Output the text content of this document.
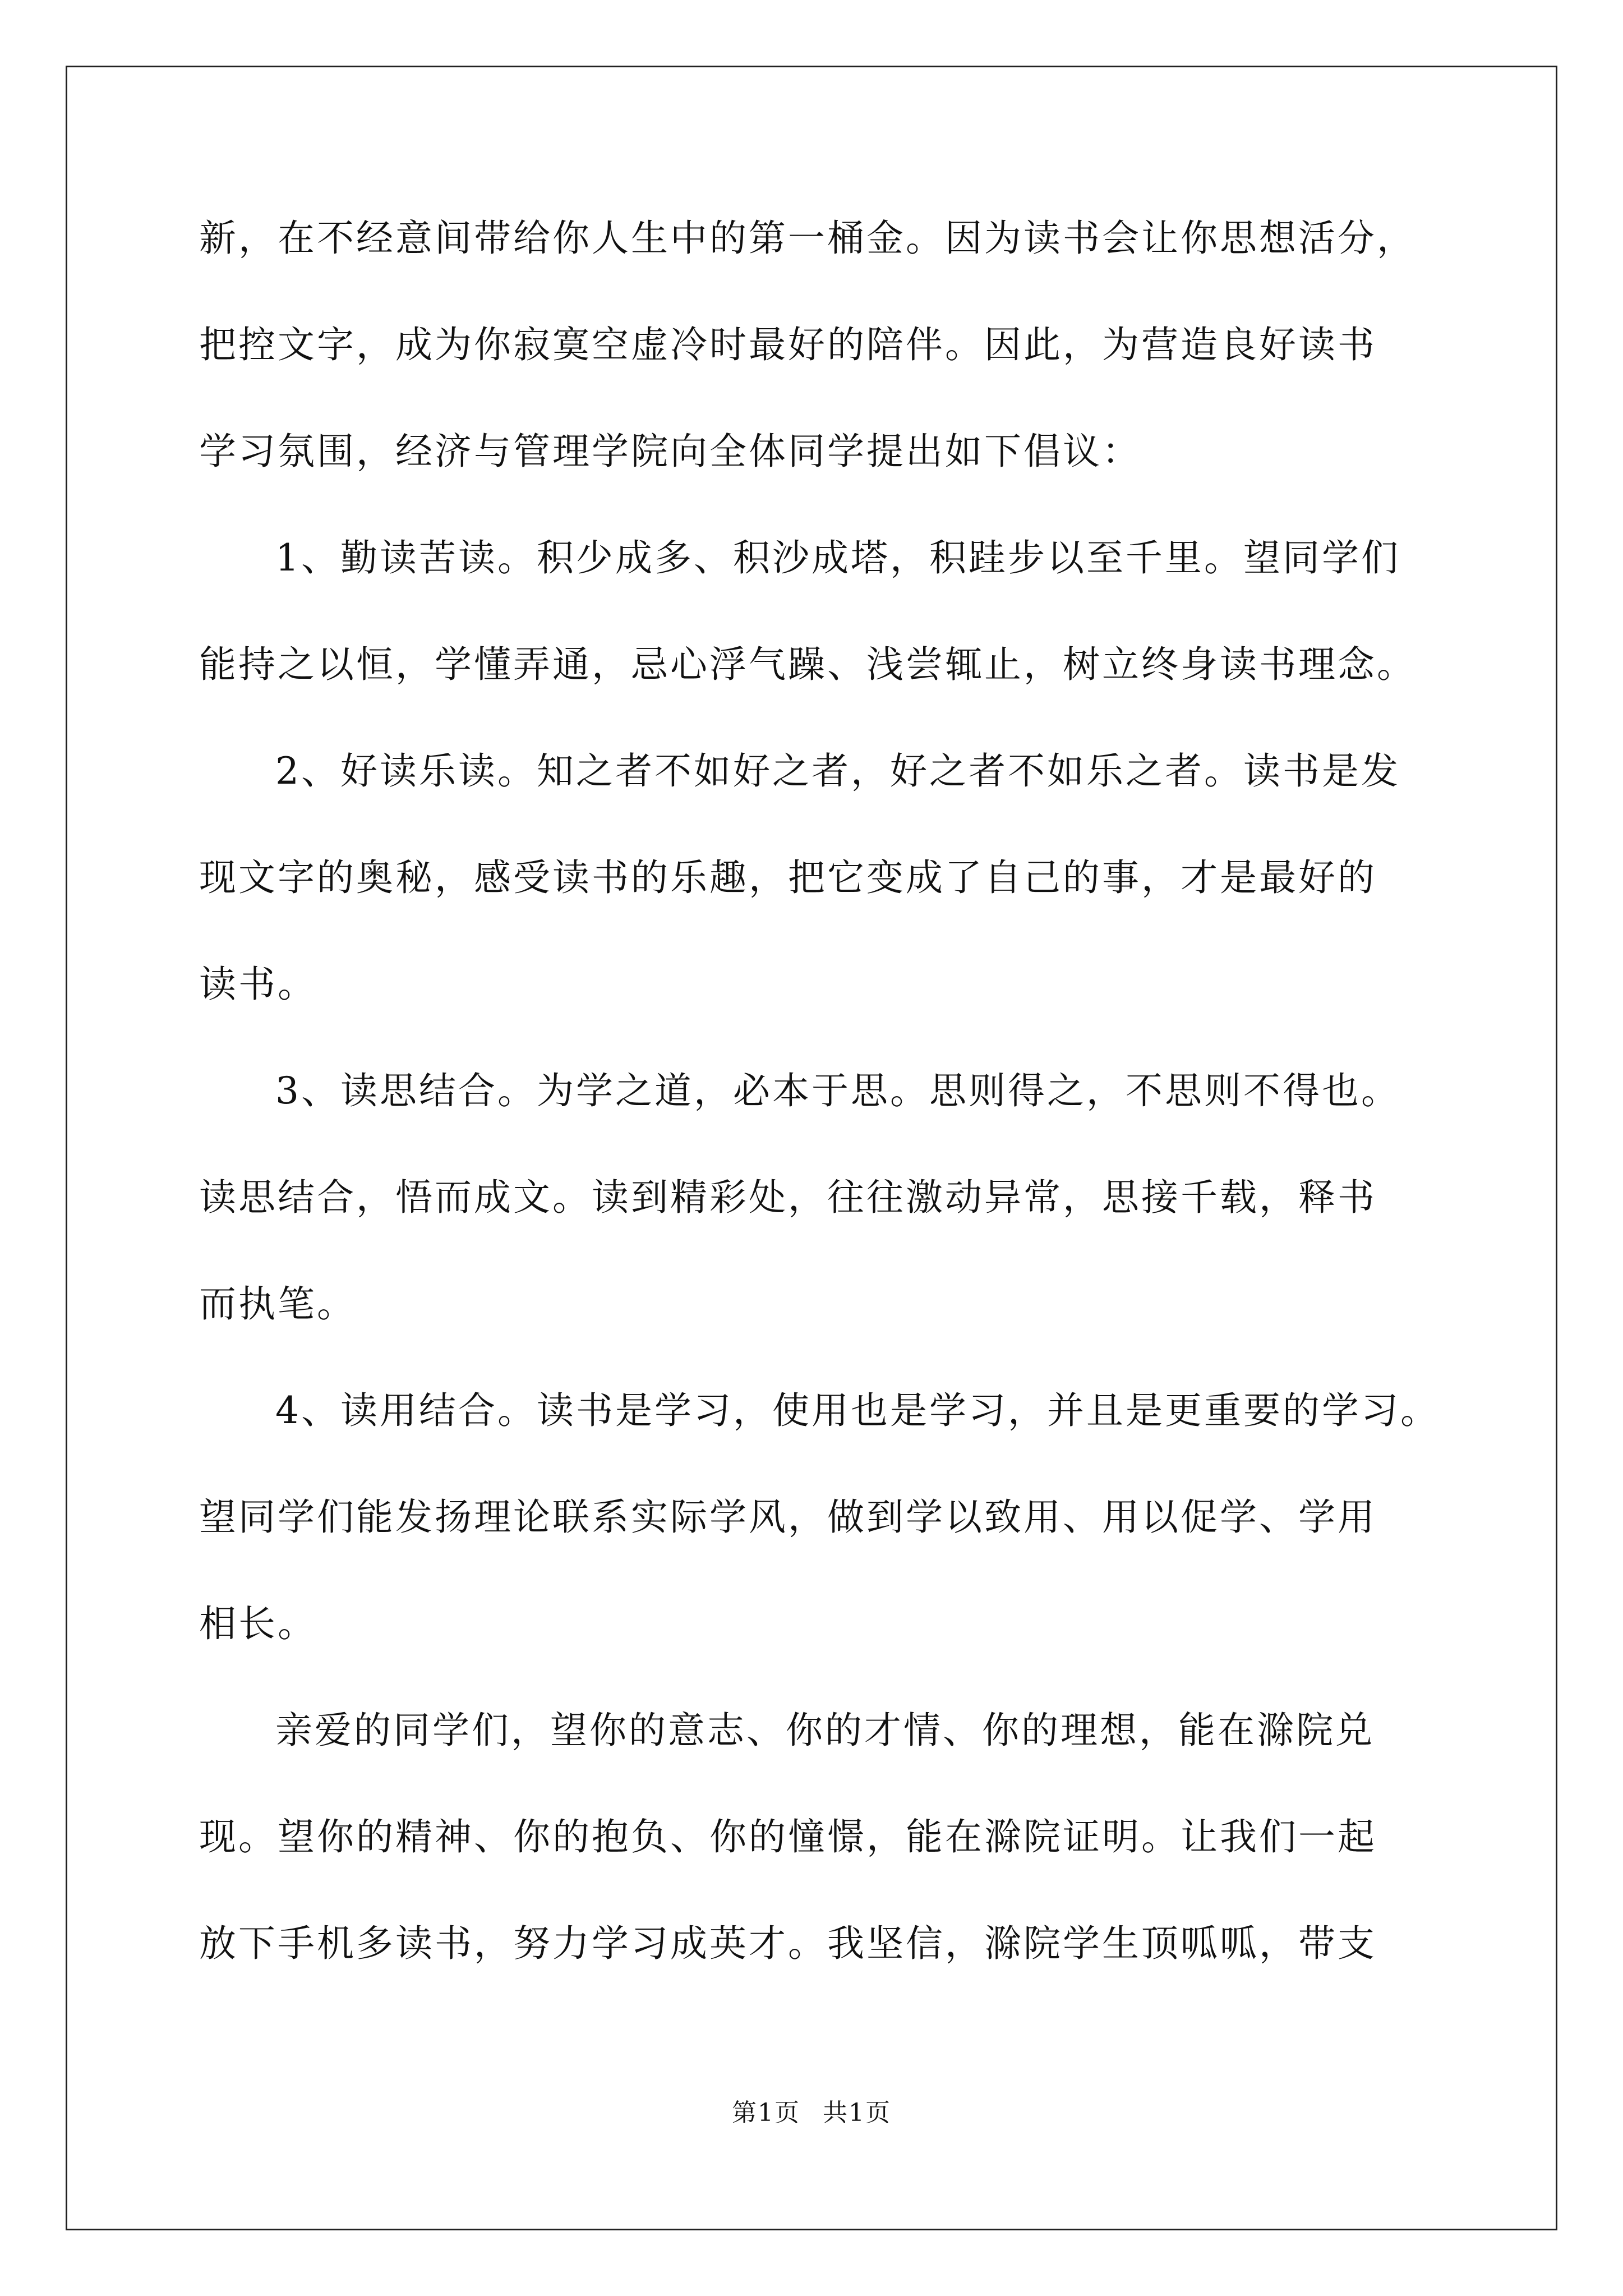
新，在不经意间带给你人生中的第一桶金。因为读书会让你思想活分，
把控文字，成为你寂寞空虚冷时最好的陪伴。因此，为营造良好读书
学习氛围，经济与管理学院向全体同学提出如下倡议：

1、勤读苦读。积少成多、积沙成塔，积跬步以至千里。望同学们
能持之以恒，学懂弄通，忌心浮气躁、浅尝辄止，树立终身读书理念。

2、好读乐读。知之者不如好之者，好之者不如乐之者。读书是发
现文字的奥秘，感受读书的乐趣，把它变成了自己的事，才是最好的
读书。

3、读思结合。为学之道，必本于思。思则得之，不思则不得也。
读思结合，悟而成文。读到精彩处，往往激动异常，思接千载，释书
而执笔。

4、读用结合。读书是学习，使用也是学习，并且是更重要的学习。
望同学们能发扬理论联系实际学风，做到学以致用、用以促学、学用
相长。

亲爱的同学们，望你的意志、你的才情、你的理想，能在滁院兑
现。望你的精神、你的抱负、你的憧憬，能在滁院证明。让我们一起
放下手机多读书，努力学习成英才。我坚信，滁院学生顶呱呱，带支

第1页 共1页
